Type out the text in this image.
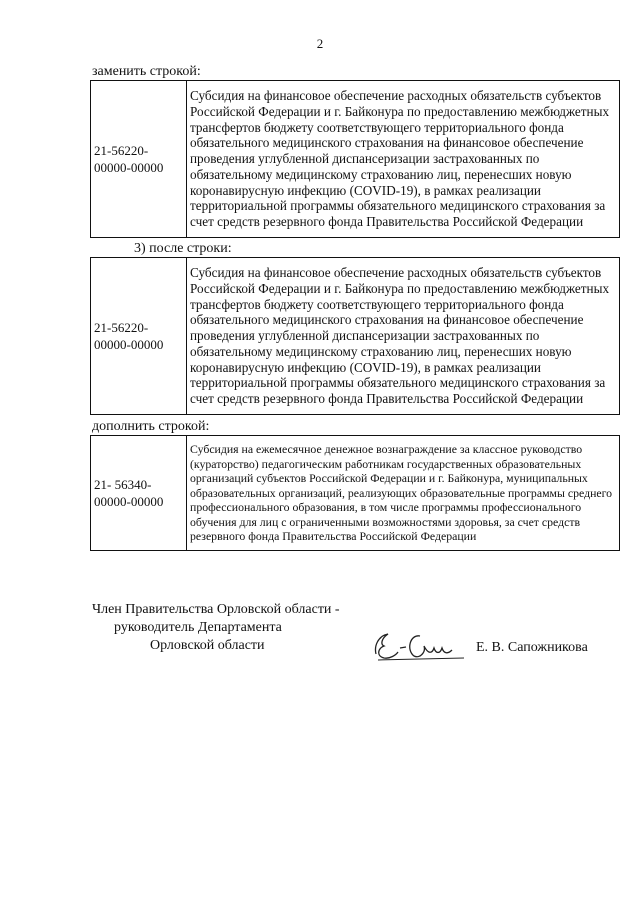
2
заменить строкой:
21-56220-00000-00000	Субсидия на финансовое обеспечение расходных обязательств субъектов Российской Федерации и г. Байконура по предоставлению межбюджетных трансфертов бюджету соответствующего территориального фонда обязательного медицинского страхования на финансовое обеспечение проведения углубленной диспансеризации застрахованных по обязательному медицинскому страхованию лиц, перенесших новую коронавирусную инфекцию (COVID-19), в рамках реализации территориальной программы обязательного медицинского страхования за счет средств резервного фонда Правительства Российской Федерации
3) после строки:
21-56220-00000-00000	Субсидия на финансовое обеспечение расходных обязательств субъектов Российской Федерации и г. Байконура по предоставлению межбюджетных трансфертов бюджету соответствующего территориального фонда обязательного медицинского страхования на финансовое обеспечение проведения углубленной диспансеризации застрахованных по обязательному медицинскому страхованию лиц, перенесших новую коронавирусную инфекцию (COVID-19), в рамках реализации территориальной программы обязательного медицинского страхования за счет средств резервного фонда Правительства Российской Федерации
дополнить строкой:
21- 56340-00000-00000	Субсидия на ежемесячное денежное вознаграждение за классное руководство (кураторство) педагогическим работникам государственных образовательных организаций субъектов Российской Федерации и г. Байконура, муниципальных образовательных организаций, реализующих образовательные программы среднего профессионального образования, в том числе программы профессионального обучения для лиц с ограниченными возможностями здоровья, за счет средств резервного фонда Правительства Российской Федерации
Член Правительства Орловской области -
руководитель Департамента
Орловской области	Е. В. Сапожникова
